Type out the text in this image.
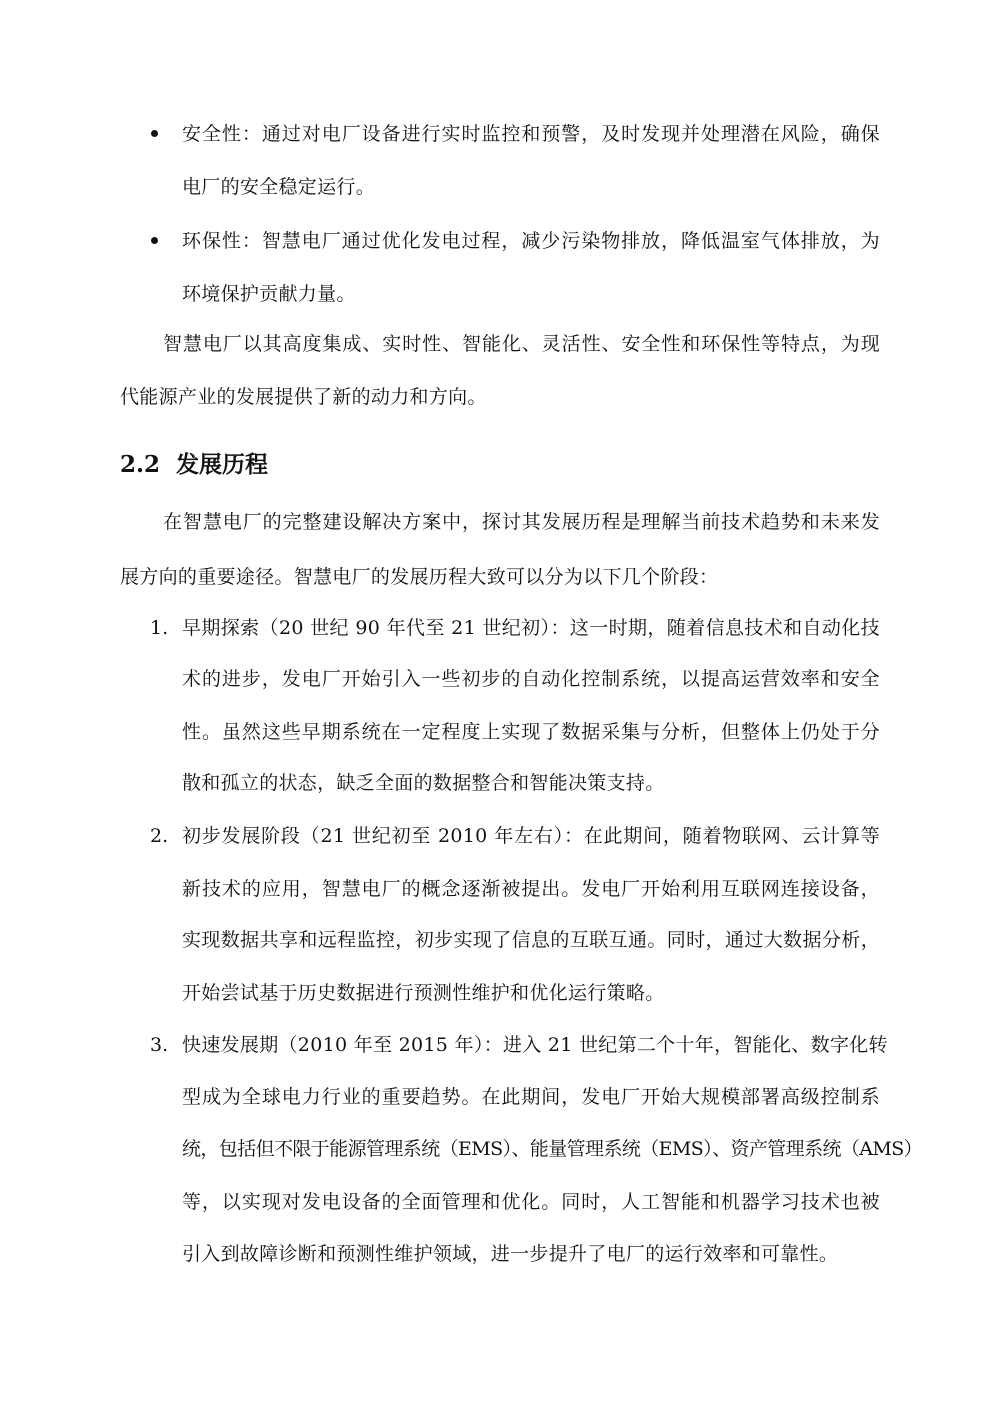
安全性：通过对电厂设备进行实时监控和预警，及时发现并处理潜在风险，确保
电厂的安全稳定运行。
环保性：智慧电厂通过优化发电过程，减少污染物排放，降低温室气体排放，为
环境保护贡献力量。
智慧电厂以其高度集成、实时性、智能化、灵活性、安全性和环保性等特点，为现
代能源产业的发展提供了新的动力和方向。
2.2 发展历程
在智慧电厂的完整建设解决方案中，探讨其发展历程是理解当前技术趋势和未来发
展方向的重要途径。智慧电厂的发展历程大致可以分为以下几个阶段：
1. 早期探索（20 世纪 90 年代至 21 世纪初）：这一时期，随着信息技术和自动化技
术的进步，发电厂开始引入一些初步的自动化控制系统，以提高运营效率和安全
性。虽然这些早期系统在一定程度上实现了数据采集与分析，但整体上仍处于分
散和孤立的状态，缺乏全面的数据整合和智能决策支持。
2. 初步发展阶段（21 世纪初至 2010 年左右）：在此期间，随着物联网、云计算等
新技术的应用，智慧电厂的概念逐渐被提出。发电厂开始利用互联网连接设备，
实现数据共享和远程监控，初步实现了信息的互联互通。同时，通过大数据分析，
开始尝试基于历史数据进行预测性维护和优化运行策略。
3. 快速发展期（2010 年至 2015 年）：进入 21 世纪第二个十年，智能化、数字化转
型成为全球电力行业的重要趋势。在此期间，发电厂开始大规模部署高级控制系
统，包括但不限于能源管理系统（EMS）、能量管理系统（EMS）、资产管理系统（AMS）
等，以实现对发电设备的全面管理和优化。同时，人工智能和机器学习技术也被
引入到故障诊断和预测性维护领域，进一步提升了电厂的运行效率和可靠性。
